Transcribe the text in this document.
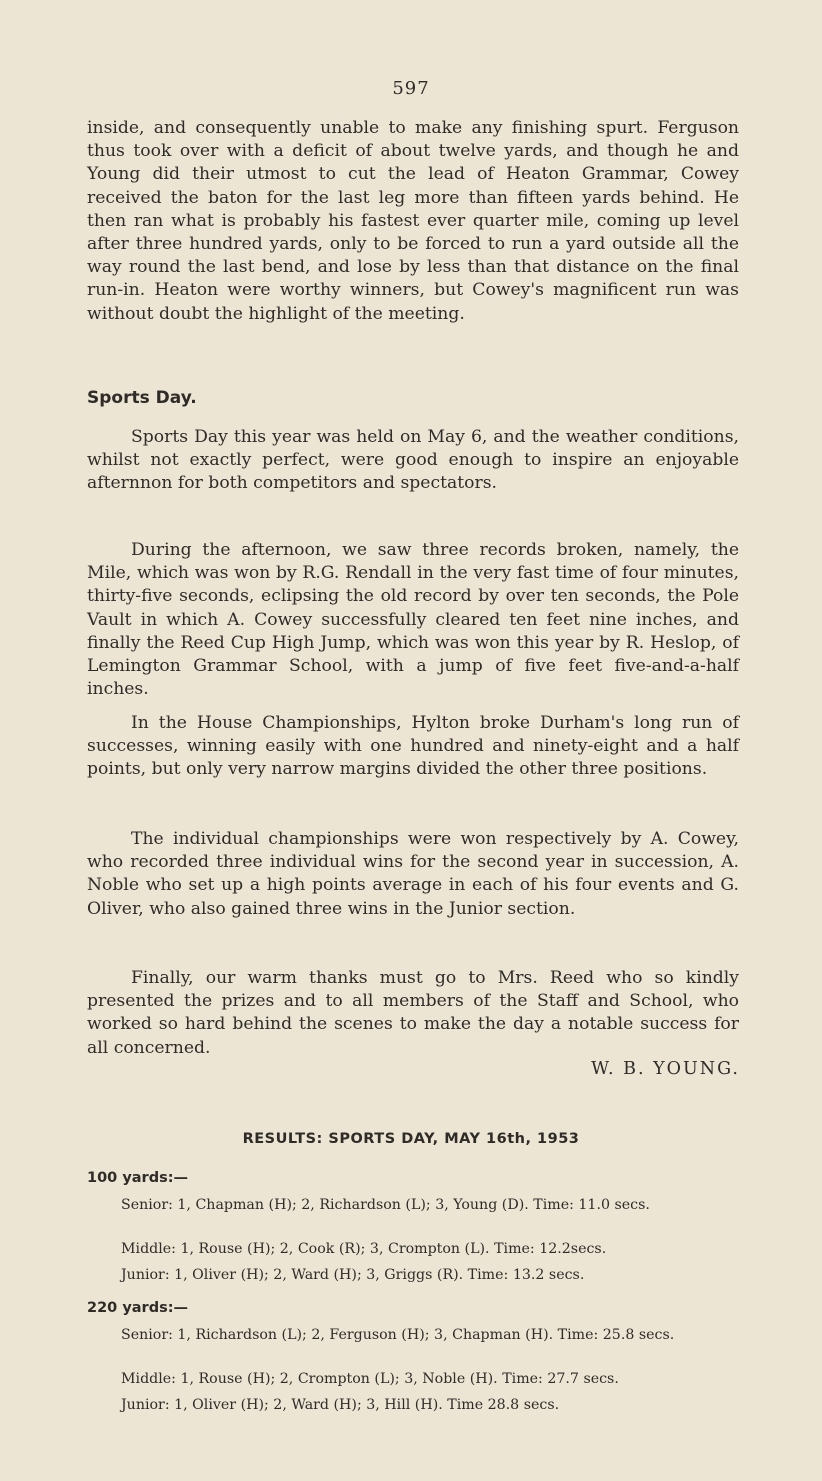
597

inside, and consequently unable to make any finishing spurt. Ferguson thus took over with a deficit of about twelve yards, and though he and Young did their utmost to cut the lead of Heaton Grammar, Cowey received the baton for the last leg more than fifteen yards behind. He then ran what is probably his fastest ever quarter mile, coming up level after three hundred yards, only to be forced to run a yard outside all the way round the last bend, and lose by less than that distance on the final run-in. Heaton were worthy winners, but Cowey's magnificent run was without doubt the highlight of the meeting.

Sports Day.

Sports Day this year was held on May 6, and the weather conditions, whilst not exactly perfect, were good enough to inspire an enjoyable afternnon for both competitors and spectators.

During the afternoon, we saw three records broken, namely, the Mile, which was won by R.G. Rendall in the very fast time of four minutes, thirty-five seconds, eclipsing the old record by over ten seconds, the Pole Vault in which A. Cowey successfully cleared ten feet nine inches, and finally the Reed Cup High Jump, which was won this year by R. Heslop, of Lemington Grammar School, with a jump of five feet five-and-a-half inches.

In the House Championships, Hylton broke Durham's long run of successes, winning easily with one hundred and ninety-eight and a half points, but only very narrow margins divided the other three positions.

The individual championships were won respectively by A. Cowey, who recorded three individual wins for the second year in succession, A. Noble who set up a high points average in each of his four events and G. Oliver, who also gained three wins in the Junior section.

Finally, our warm thanks must go to Mrs. Reed who so kindly presented the prizes and to all members of the Staff and School, who worked so hard behind the scenes to make the day a notable success for all concerned.

W. B. YOUNG.
RESULTS: SPORTS DAY, MAY 16th, 1953
100 yards:—

Senior: 1, Chapman (H); 2, Richardson (L); 3, Young (D). Time: 11.0 secs.

Middle: 1, Rouse (H); 2, Cook (R); 3, Crompton (L). Time: 12.2secs.

Junior: 1, Oliver (H); 2, Ward (H); 3, Griggs (R). Time: 13.2 secs.

220 yards:—

Senior: 1, Richardson (L); 2, Ferguson (H); 3, Chapman (H). Time: 25.8 secs.

Middle: 1, Rouse (H); 2, Crompton (L); 3, Noble (H). Time: 27.7 secs.

Junior: 1, Oliver (H); 2, Ward (H); 3, Hill (H). Time 28.8 secs.
